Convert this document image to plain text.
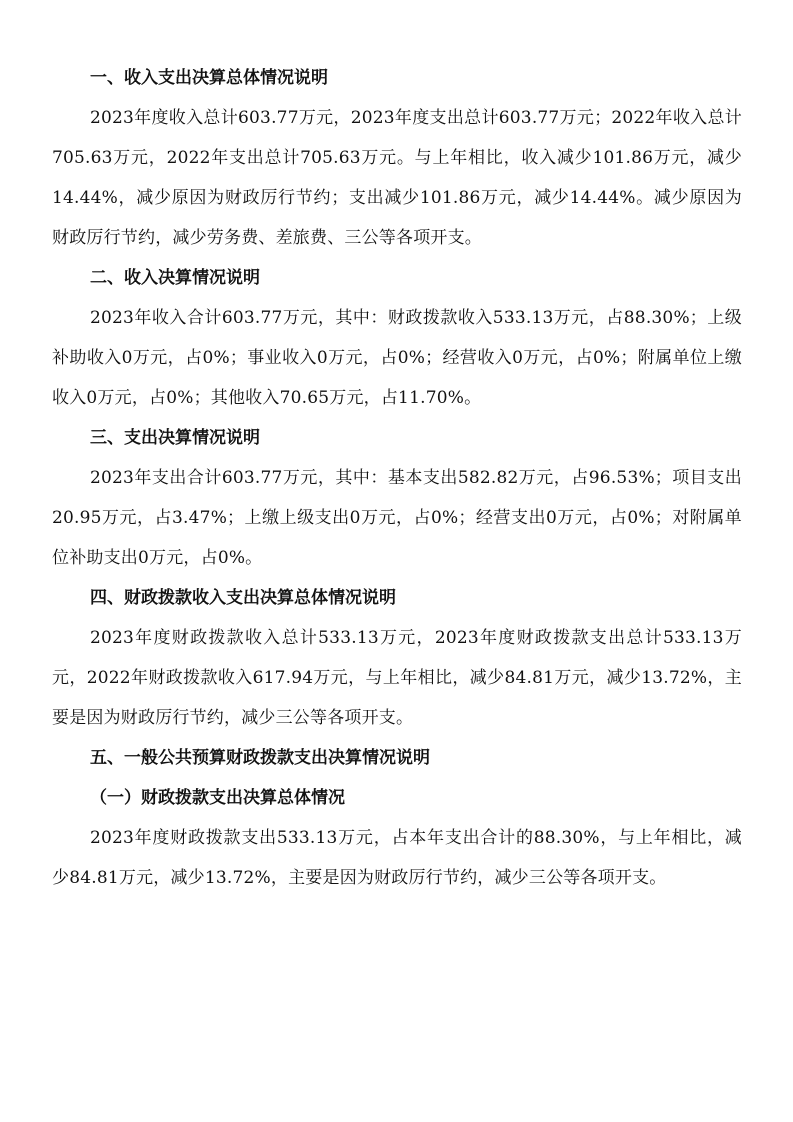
一、收入支出决算总体情况说明

2023年度收入总计603.77万元，2023年度支出总计603.77万元；2022年收入总计705.63万元，2022年支出总计705.63万元。与上年相比，收入减少101.86万元，减少14.44%，减少原因为财政厉行节约；支出减少101.86万元，减少14.44%。减少原因为财政厉行节约，减少劳务费、差旅费、三公等各项开支。

二、收入决算情况说明

2023年收入合计603.77万元，其中：财政拨款收入533.13万元，占88.30%；上级补助收入0万元，占0%；事业收入0万元，占0%；经营收入0万元，占0%；附属单位上缴收入0万元，占0%；其他收入70.65万元，占11.70%。

三、支出决算情况说明

2023年支出合计603.77万元，其中：基本支出582.82万元，占96.53%；项目支出20.95万元，占3.47%；上缴上级支出0万元，占0%；经营支出0万元，占0%；对附属单位补助支出0万元，占0%。

四、财政拨款收入支出决算总体情况说明

2023年度财政拨款收入总计533.13万元，2023年度财政拨款支出总计533.13万元，2022年财政拨款收入617.94万元，与上年相比，减少84.81万元，减少13.72%，主要是因为财政厉行节约，减少三公等各项开支。

五、一般公共预算财政拨款支出决算情况说明
（一）财政拨款支出决算总体情况

2023年度财政拨款支出533.13万元，占本年支出合计的88.30%，与上年相比，减少84.81万元，减少13.72%，主要是因为财政厉行节约，减少三公等各项开支。
